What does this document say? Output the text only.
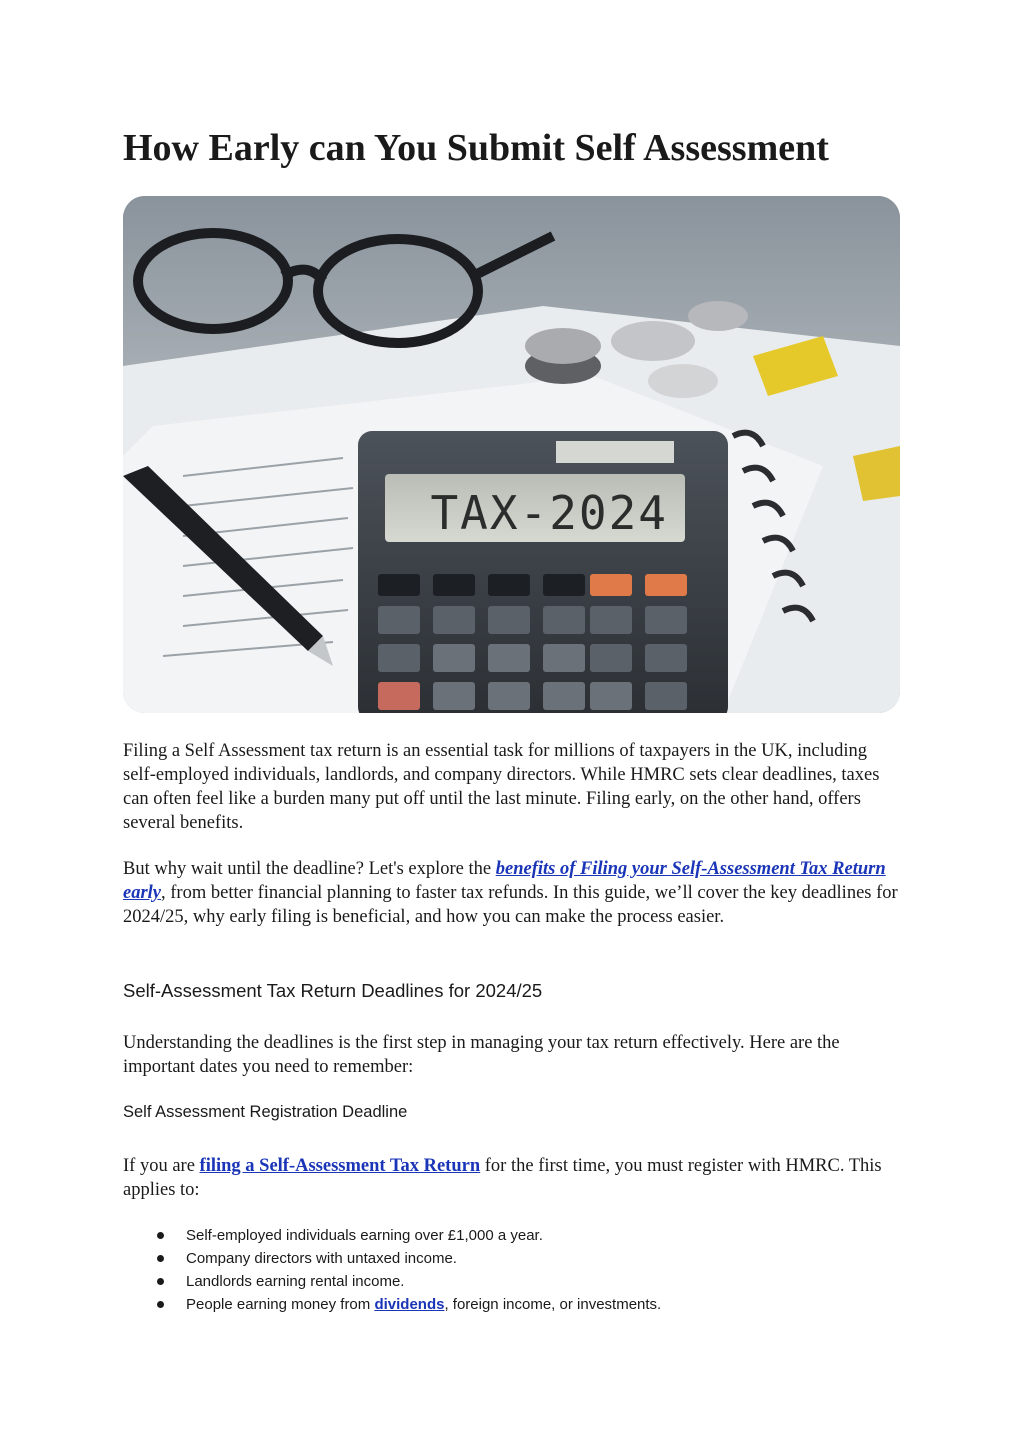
How Early can You Submit Self Assessment
TAX-2024

Filing a Self Assessment tax return is an essential task for millions of taxpayers in the UK, including self-employed individuals, landlords, and company directors. While HMRC sets clear deadlines, taxes can often feel like a burden many put off until the last minute. Filing early, on the other hand, offers several benefits.

But why wait until the deadline? Let's explore the benefits of Filing your Self-Assessment Tax Return early, from better financial planning to faster tax refunds. In this guide, we’ll cover the key deadlines for 2024/25, why early filing is beneficial, and how you can make the process easier.

Self-Assessment Tax Return Deadlines for 2024/25

Understanding the deadlines is the first step in managing your tax return effectively. Here are the important dates you need to remember:

Self Assessment Registration Deadline

If you are filing a Self-Assessment Tax Return for the first time, you must register with HMRC. This applies to:

Self-employed individuals earning over £1,000 a year.
Company directors with untaxed income.
Landlords earning rental income.
People earning money from dividends, foreign income, or investments.
